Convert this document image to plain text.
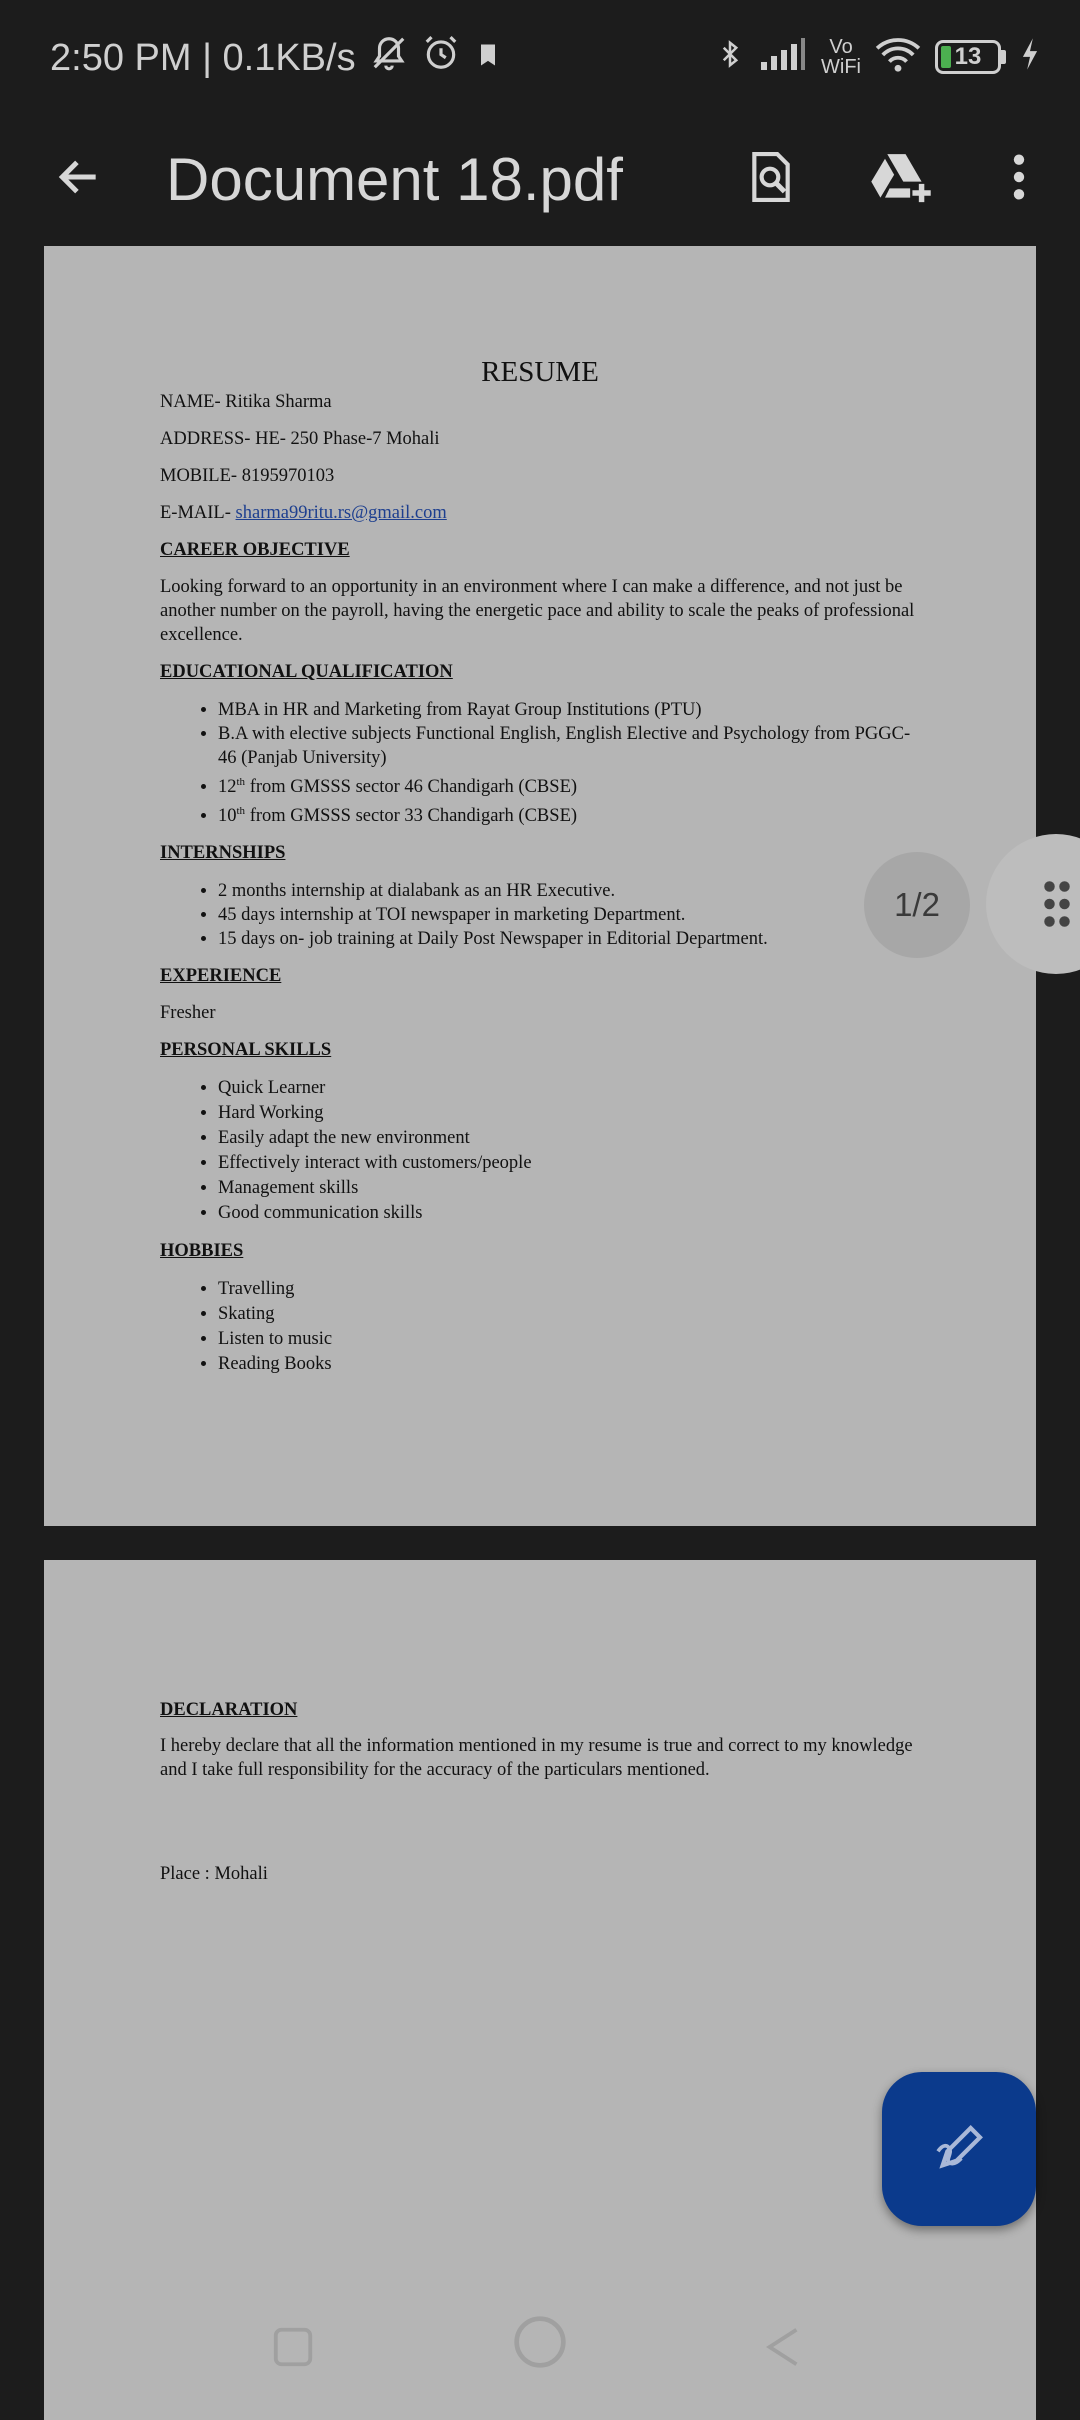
2:50 PM | 0.1KB/s	Vo
WiFi	13
Document 18.pdf
RESUME

NAME- Ritika Sharma

ADDRESS- HE- 250 Phase-7 Mohali

MOBILE- 8195970103

E-MAIL- sharma99ritu.rs@gmail.com

CAREER OBJECTIVE

Looking forward to an opportunity in an environment where I can make a difference, and not just be another number on the payroll, having the energetic pace and ability to scale the peaks of professional excellence.

EDUCATIONAL QUALIFICATION

• MBA in HR and Marketing from Rayat Group Institutions (PTU)
• B.A with elective subjects Functional English, English Elective and Psychology from PGGC-46 (Panjab University)
• 12th from GMSSS sector 46 Chandigarh (CBSE)
• 10th from GMSSS sector 33 Chandigarh (CBSE)

INTERNSHIPS

• 2 months internship at dialabank as an HR Executive.
• 45 days internship at TOI newspaper in marketing Department.
• 15 days on- job training at Daily Post Newspaper in Editorial Department.

EXPERIENCE

Fresher

PERSONAL SKILLS

• Quick Learner
• Hard Working
• Easily adapt the new environment
• Effectively interact with customers/people
• Management skills
• Good communication skills

HOBBIES

• Travelling
• Skating
• Listen to music
• Reading Books

DECLARATION

I hereby declare that all the information mentioned in my resume is true and correct to my knowledge and I take full responsibility for the accuracy of the particulars mentioned.

Place : Mohali

1/2
